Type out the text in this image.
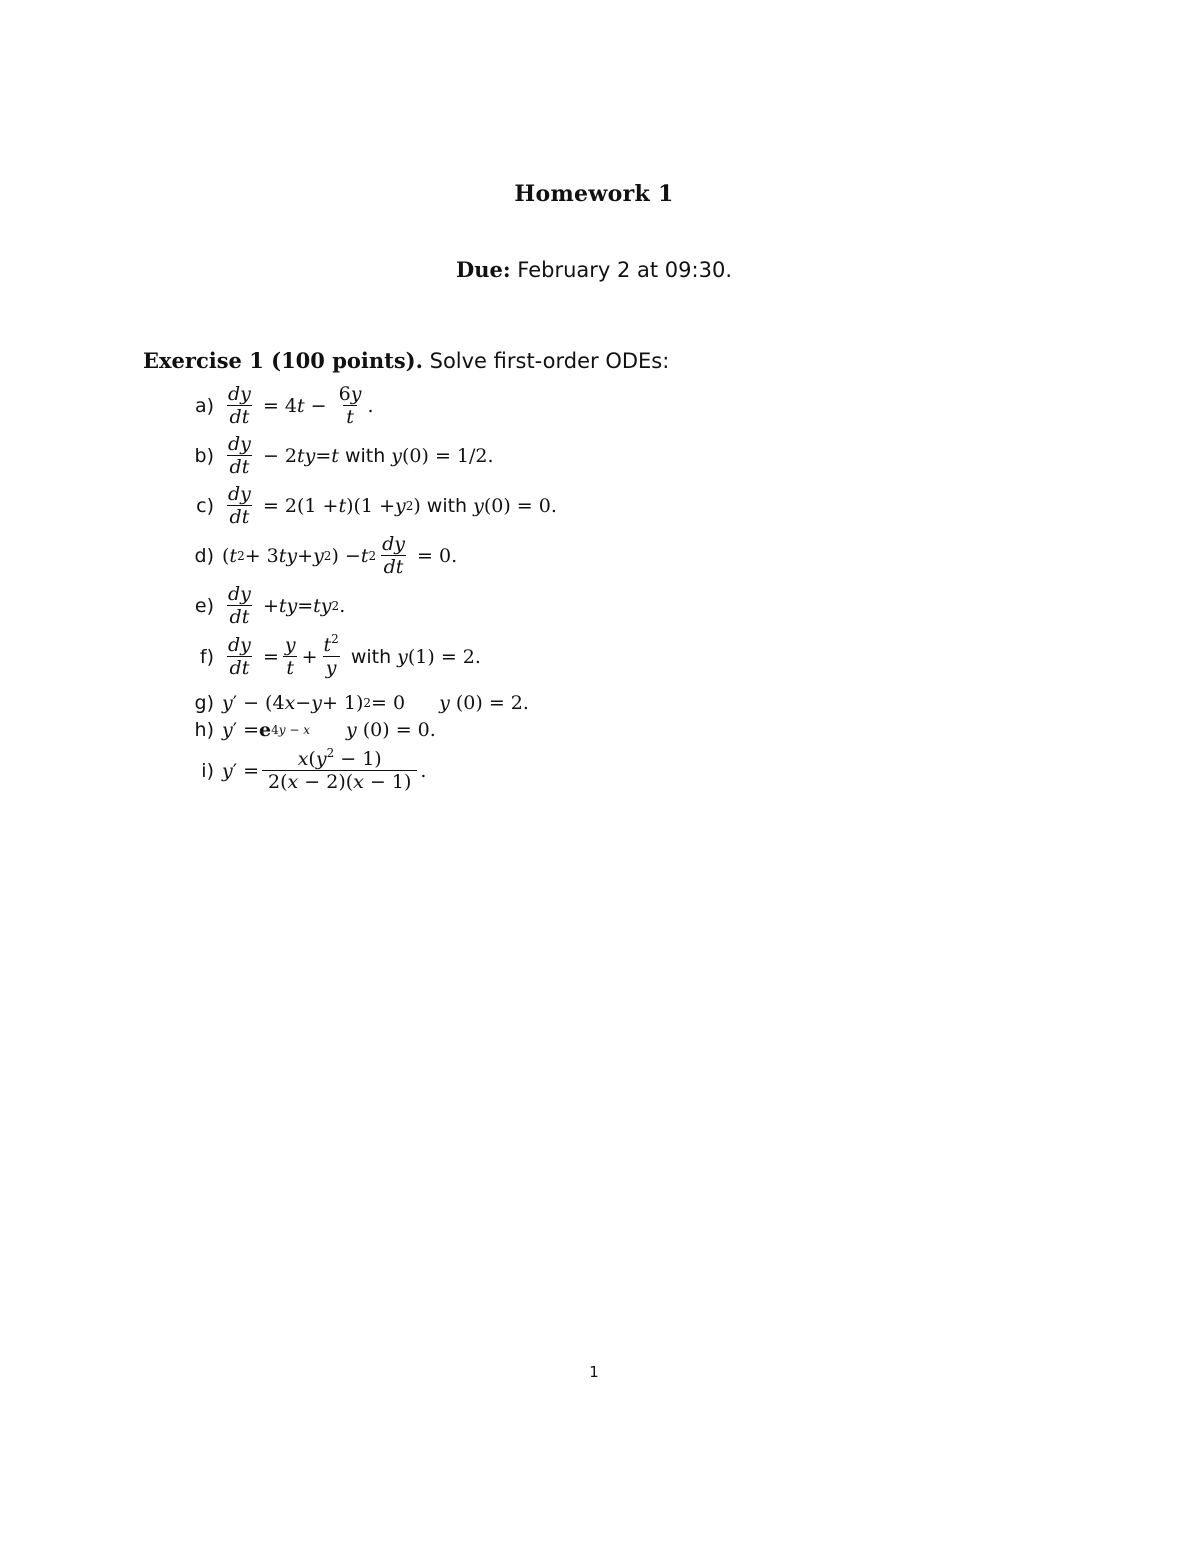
Homework 1
Due: February 2 at 09:30.
Exercise 1 (100 points). Solve first-order ODEs:
$a) \frac{dy}{dt} = 4$ $t - \frac{6y}{t}$ .
$b) \frac{dy}{dt} - 2$ ty = t with y (0) = 1/2.
$c) \frac{dy}{dt} = 2(1 + t$ )(1 + y 2 ) with y (0) = 0.
d) ( t 2 + 3 ty + y 2 ) − t $2 \frac{dy}{dt} = 0$.
$e) \frac{dy}{dt}$ + ty = ty 2 .
$f) \frac{dy}{dt} = \frac{y}{t} + \frac{t^2}{y}$ with y (1) = 2.
g) y ′ − (4 x − y + 1) 2 = 0 y (0) = 2.
h) y ′ = e 4y − x y (0) = 0.
i) y ′ = $\frac{x(y^2 - 1)}{2(x - 2)(x - 1)}$ .
1
